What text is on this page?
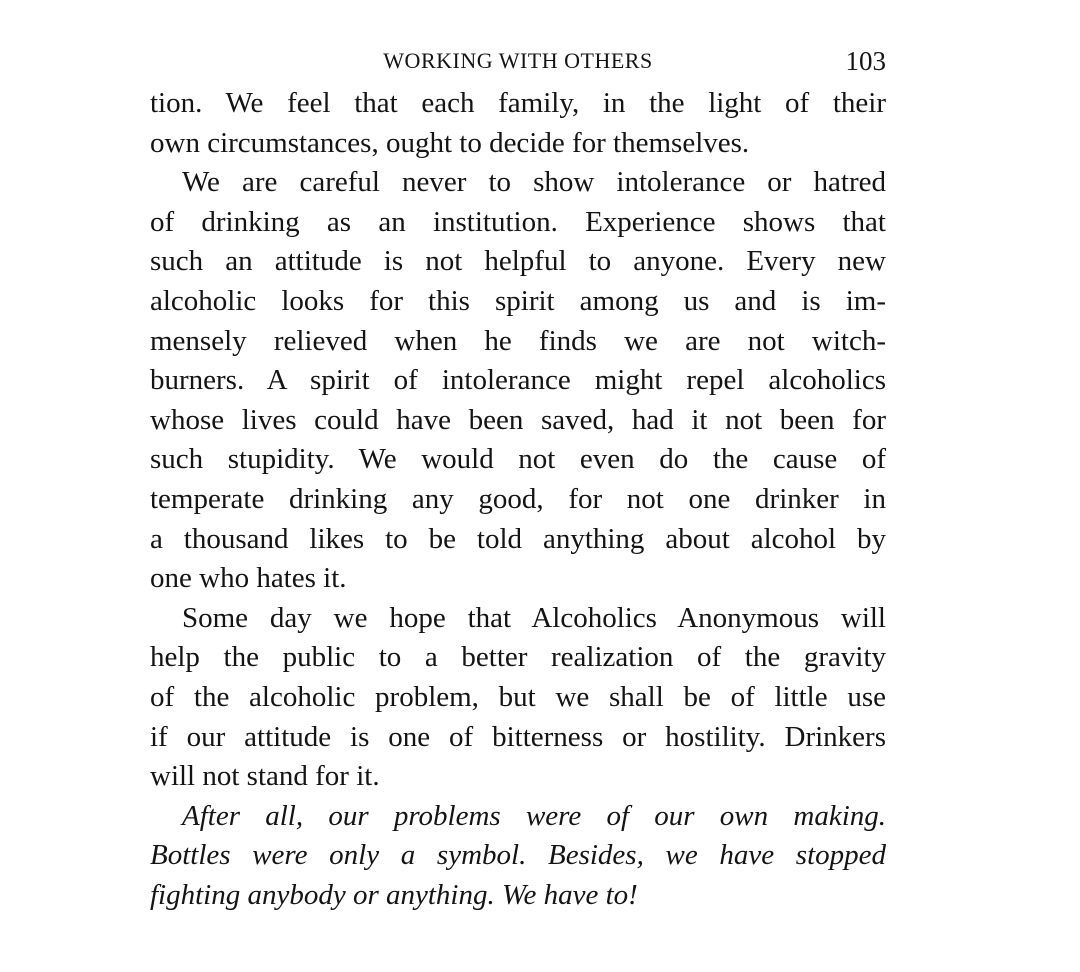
WORKING WITH OTHERS	103
tion. We feel that each family, in the light of their
own circumstances, ought to decide for themselves.
We are careful never to show intolerance or hatred
of drinking as an institution. Experience shows that
such an attitude is not helpful to anyone. Every new
alcoholic looks for this spirit among us and is im-
mensely relieved when he finds we are not witch-
burners. A spirit of intolerance might repel alcoholics
whose lives could have been saved, had it not been for
such stupidity. We would not even do the cause of
temperate drinking any good, for not one drinker in
a thousand likes to be told anything about alcohol by
one who hates it.
Some day we hope that Alcoholics Anonymous will
help the public to a better realization of the gravity
of the alcoholic problem, but we shall be of little use
if our attitude is one of bitterness or hostility. Drinkers
will not stand for it.
After all, our problems were of our own making.
Bottles were only a symbol. Besides, we have stopped
fighting anybody or anything. We have to!
